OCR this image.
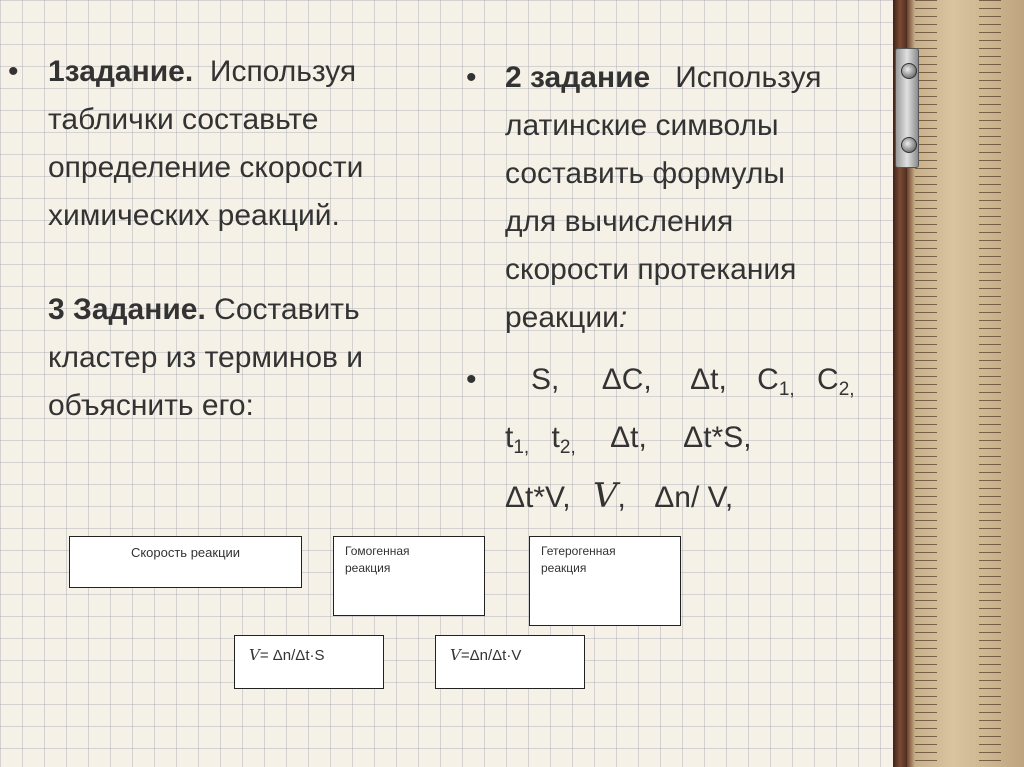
• 1задание. Используя
таблички составьте
определение скорости
химических реакций.
3 Задание. Составить
кластер из терминов и
объяснить его:
• 2 задание Используя
латинские символы
составить формулы
для вычисления
скорости протекания
реакции:
•	S, ΔC, Δt, $C_{1,}$ $C_{2,}$
$t_{1,}$ $t_{2,}$ Δt, Δt*S,
Δt*V, V, Δn/ V,
Скорость реакции	Гомогенная
реакция
Гетерогенная
реакция
V= Δn/Δt·S	V=Δn/Δt·V
